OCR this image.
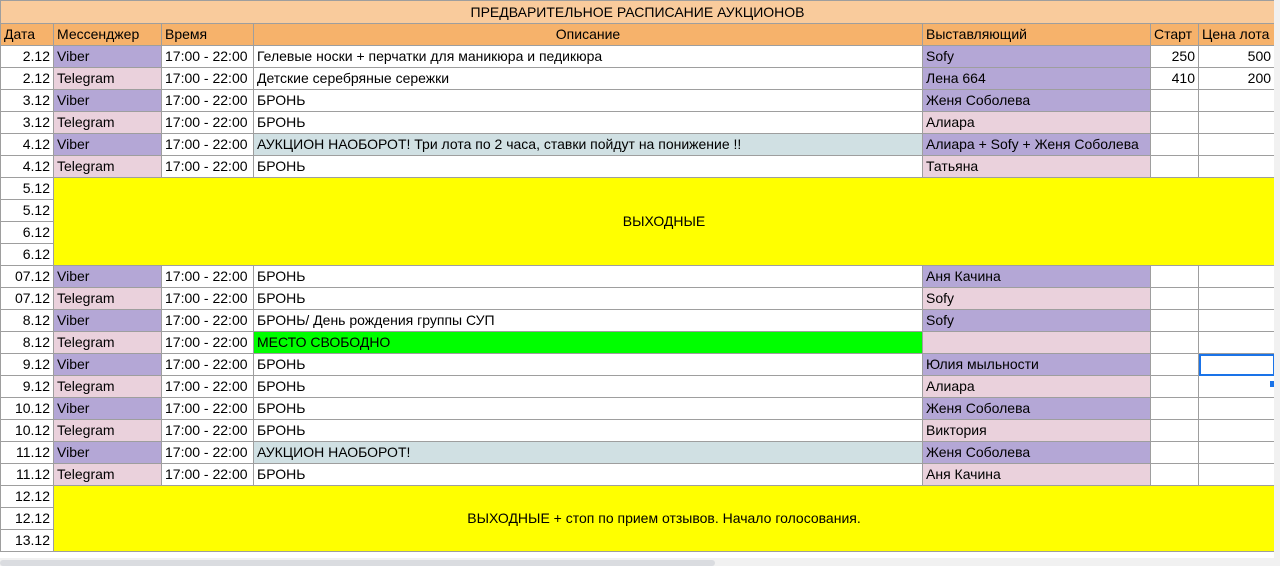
ПРЕДВАРИТЕЛЬНОЕ РАСПИСАНИЕ АУКЦИОНОВ						
Дата	Мессенджер	Время	Описание	Выставляющий	Старт	Цена лота
2.12	Viber	17:00 - 22:00	Гелевые носки + перчатки для маникюра и педикюра	Sofy	250	500
2.12	Telegram	17:00 - 22:00	Детские серебряные сережки	Лена 664	410	200
3.12	Viber	17:00 - 22:00	БРОНЬ	Женя Соболева		
3.12	Telegram	17:00 - 22:00	БРОНЬ	Алиара		
4.12	Viber	17:00 - 22:00	АУКЦИОН НАОБОРОТ! Три лота по 2 часа, ставки пойдут на понижение !!	Алиара + Sofy + Женя Соболева		
4.12	Telegram	17:00 - 22:00	БРОНЬ	Татьяна		
5.12	ВЫХОДНЫЕ					
5.12						
6.12						
6.12						
07.12	Viber	17:00 - 22:00	БРОНЬ	Аня Качина		
07.12	Telegram	17:00 - 22:00	БРОНЬ	Sofy		
8.12	Viber	17:00 - 22:00	БРОНЬ/ День рождения группы СУП	Sofy		
8.12	Telegram	17:00 - 22:00	МЕСТО СВОБОДНО			
9.12	Viber	17:00 - 22:00	БРОНЬ	Юлия мыльности		
9.12	Telegram	17:00 - 22:00	БРОНЬ	Алиара		
10.12	Viber	17:00 - 22:00	БРОНЬ	Женя Соболева		
10.12	Telegram	17:00 - 22:00	БРОНЬ	Виктория		
11.12	Viber	17:00 - 22:00	АУКЦИОН НАОБОРОТ!	Женя Соболева		
11.12	Telegram	17:00 - 22:00	БРОНЬ	Аня Качина		
12.12	ВЫХОДНЫЕ + стоп по прием отзывов. Начало голосования.					
12.12						
13.12						
